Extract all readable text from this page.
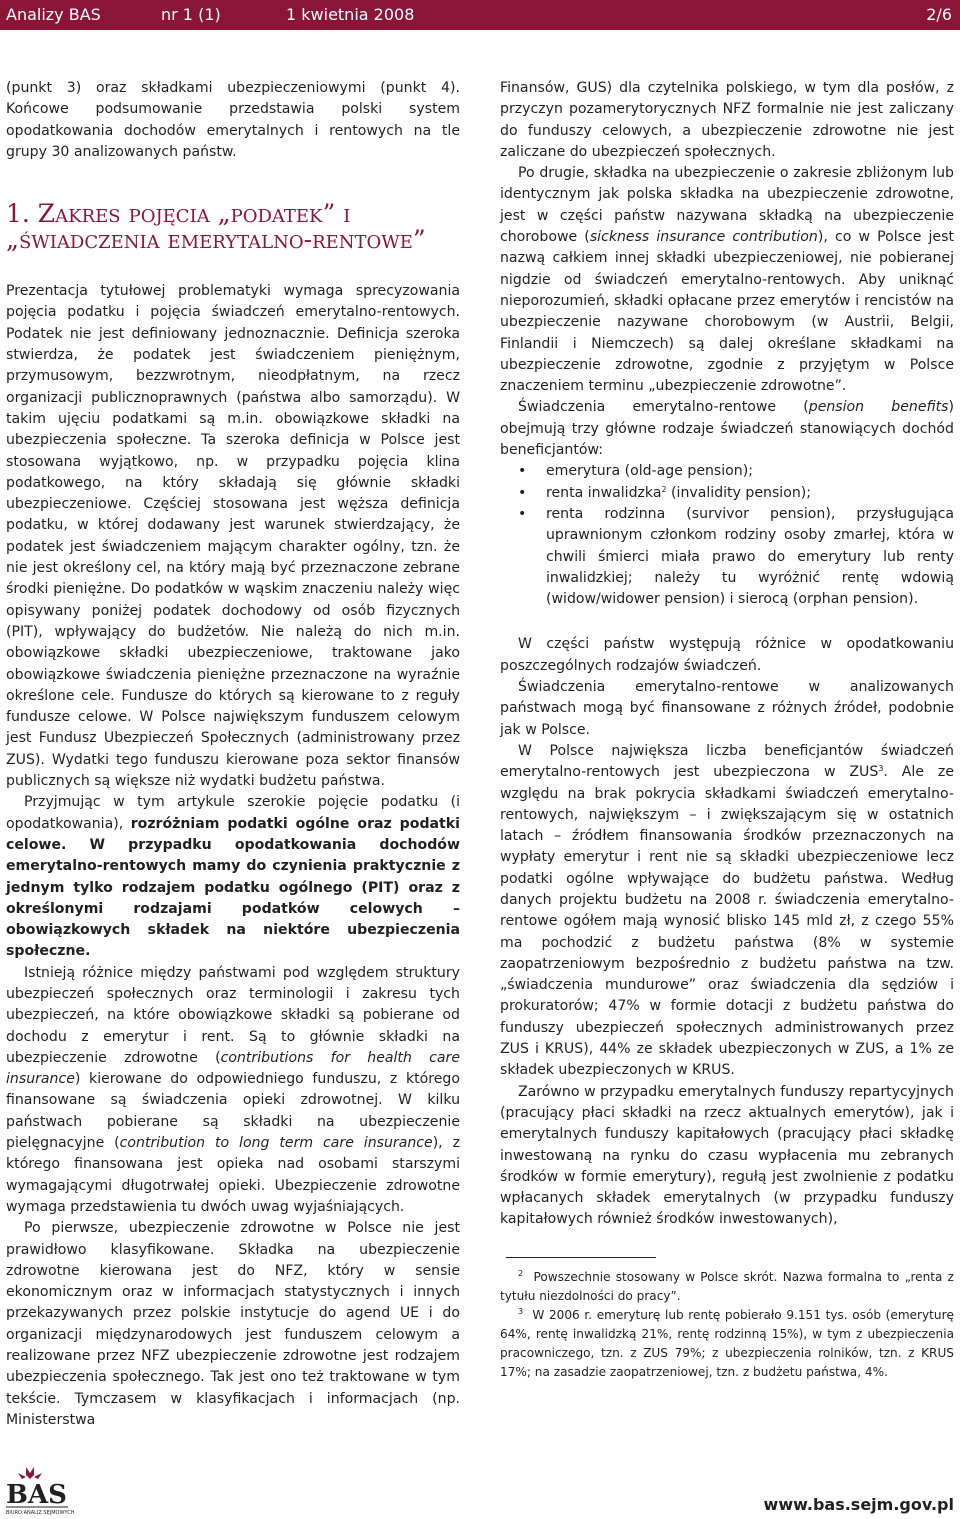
Analizy BAS	nr 1 (1)	1 kwietnia 2008	2/6

(punkt 3) oraz składkami ubezpieczeniowymi (punkt 4). Końcowe podsumowanie przedstawia polski system opodatkowania dochodów emerytalnych i rentowych na tle grupy 30 analizowanych państw.

1. Zakres pojęcia „podatek” i „świadczenia emerytalno-rentowe”

Prezentacja tytułowej problematyki wymaga sprecyzowania pojęcia podatku i pojęcia świadczeń emerytalno-rentowych. Podatek nie jest definiowany jednoznacznie. Definicja szeroka stwierdza, że podatek jest świadczeniem pieniężnym, przymusowym, bezzwrotnym, nieodpłatnym, na rzecz organizacji publicznoprawnych (państwa albo samorządu). W takim ujęciu podatkami są m.in. obowiązkowe składki na ubezpieczenia społeczne. Ta szeroka definicja w Polsce jest stosowana wyjątkowo, np. w przypadku pojęcia klina podatkowego, na który składają się głównie składki ubezpieczeniowe. Częściej stosowana jest węższa definicja podatku, w której dodawany jest warunek stwierdzający, że podatek jest świadczeniem mającym charakter ogólny, tzn. że nie jest określony cel, na który mają być przeznaczone zebrane środki pieniężne. Do podatków w wąskim znaczeniu należy więc opisywany poniżej podatek dochodowy od osób fizycznych (PIT), wpływający do budżetów. Nie należą do nich m.in. obowiązkowe składki ubezpieczeniowe, traktowane jako obowiązkowe świadczenia pieniężne przeznaczone na wyraźnie określone cele. Fundusze do których są kierowane to z reguły fundusze celowe. W Polsce największym funduszem celowym jest Fundusz Ubezpieczeń Społecznych (administrowany przez ZUS). Wydatki tego funduszu kierowane poza sektor finansów publicznych są większe niż wydatki budżetu państwa.

Przyjmując w tym artykule szerokie pojęcie podatku (i opodatkowania), rozróżniam podatki ogólne oraz podatki celowe. W przypadku opodatkowania dochodów emerytalno-rentowych mamy do czynienia praktycznie z jednym tylko rodzajem podatku ogólnego (PIT) oraz z określonymi rodzajami podatków celowych – obowiązkowych składek na niektóre ubezpieczenia społeczne.

Istnieją różnice między państwami pod względem struktury ubezpieczeń społecznych oraz terminologii i zakresu tych ubezpieczeń, na które obowiązkowe składki są pobierane od dochodu z emerytur i rent. Są to głównie składki na ubezpieczenie zdrowotne (contributions for health care insurance) kierowane do odpowiedniego funduszu, z którego finansowane są świadczenia opieki zdrowotnej. W kilku państwach pobierane są składki na ubezpieczenie pielęgnacyjne (contribution to long term care insurance), z którego finansowana jest opieka nad osobami starszymi wymagającymi długotrwałej opieki. Ubezpieczenie zdrowotne wymaga przedstawienia tu dwóch uwag wyjaśniających.

Po pierwsze, ubezpieczenie zdrowotne w Polsce nie jest prawidłowo klasyfikowane. Składka na ubezpieczenie zdrowotne kierowana jest do NFZ, który w sensie ekonomicznym oraz w informacjach statystycznych i innych przekazywanych przez polskie instytucje do agend UE i do organizacji międzynarodowych jest funduszem celowym a realizowane przez NFZ ubezpieczenie zdrowotne jest rodzajem ubezpieczenia społecznego. Tak jest ono też traktowane w tym tekście. Tymczasem w klasyfikacjach i informacjach (np. Ministerstwa

Finansów, GUS) dla czytelnika polskiego, w tym dla posłów, z przyczyn pozamerytorycznych NFZ formalnie nie jest zaliczany do funduszy celowych, a ubezpieczenie zdrowotne nie jest zaliczane do ubezpieczeń społecznych.

Po drugie, składka na ubezpieczenie o zakresie zbliżonym lub identycznym jak polska składka na ubezpieczenie zdrowotne, jest w części państw nazywana składką na ubezpieczenie chorobowe (sickness insurance contribution), co w Polsce jest nazwą całkiem innej składki ubezpieczeniowej, nie pobieranej nigdzie od świadczeń emerytalno-rentowych. Aby uniknąć nieporozumień, składki opłacane przez emerytów i rencistów na ubezpieczenie nazywane chorobowym (w Austrii, Belgii, Finlandii i Niemczech) są dalej określane składkami na ubezpieczenie zdrowotne, zgodnie z przyjętym w Polsce znaczeniem terminu „ubezpieczenie zdrowotne”.

Świadczenia emerytalno-rentowe (pension benefits) obejmują trzy główne rodzaje świadczeń stanowiących dochód beneficjantów:

• emerytura (old-age pension);
• renta inwalidzka$^2$ (invalidity pension);
• renta rodzinna (survivor pension), przysługująca uprawnionym członkom rodziny osoby zmarłej, która w chwili śmierci miała prawo do emerytury lub renty inwalidzkiej; należy tu wyróżnić rentę wdowią (widow/widower pension) i sierocą (orphan pension).

W części państw występują różnice w opodatkowaniu poszczególnych rodzajów świadczeń.

Świadczenia emerytalno-rentowe w analizowanych państwach mogą być finansowane z różnych źródeł, podobnie jak w Polsce.

W Polsce największa liczba beneficjantów świadczeń emerytalno-rentowych jest ubezpieczona w ZUS$^3$. Ale ze względu na brak pokrycia składkami świadczeń emerytalno-rentowych, największym – i zwiększającym się w ostatnich latach – źródłem finansowania środków przeznaczonych na wypłaty emerytur i rent nie są składki ubezpieczeniowe lecz podatki ogólne wpływające do budżetu państwa. Według danych projektu budżetu na 2008 r. świadczenia emerytalno-rentowe ogółem mają wynosić blisko 145 mld zł, z czego 55% ma pochodzić z budżetu państwa (8% w systemie zaopatrzeniowym bezpośrednio z budżetu państwa na tzw. „świadczenia mundurowe” oraz świadczenia dla sędziów i prokuratorów; 47% w formie dotacji z budżetu państwa do funduszy ubezpieczeń społecznych administrowanych przez ZUS i KRUS), 44% ze składek ubezpieczonych w ZUS, a 1% ze składek ubezpieczonych w KRUS.

Zarówno w przypadku emerytalnych funduszy repartycyjnych (pracujący płaci składki na rzecz aktualnych emerytów), jak i emerytalnych funduszy kapitałowych (pracujący płaci składkę inwestowaną na rynku do czasu wypłacenia mu zebranych środków w formie emerytury), regułą jest zwolnienie z podatku wpłacanych składek emerytalnych (w przypadku funduszy kapitałowych również środków inwestowanych),

$^2$ Powszechnie stosowany w Polsce skrót. Nazwa formalna to „renta z tytułu niezdolności do pracy”.

$^3$ W 2006 r. emeryturę lub rentę pobierało 9.151 tys. osób (emeryturę 64%, rentę inwalidzką 21%, rentę rodzinną 15%), w tym z ubezpieczenia pracowniczego, tzn. z ZUS 79%; z ubezpieczenia rolników, tzn. z KRUS 17%; na zasadzie zaopatrzeniowej, tzn. z budżetu państwa, 4%.

BAS
BIURO ANALIZ SEJMOWYCH	www.bas.sejm.gov.pl
